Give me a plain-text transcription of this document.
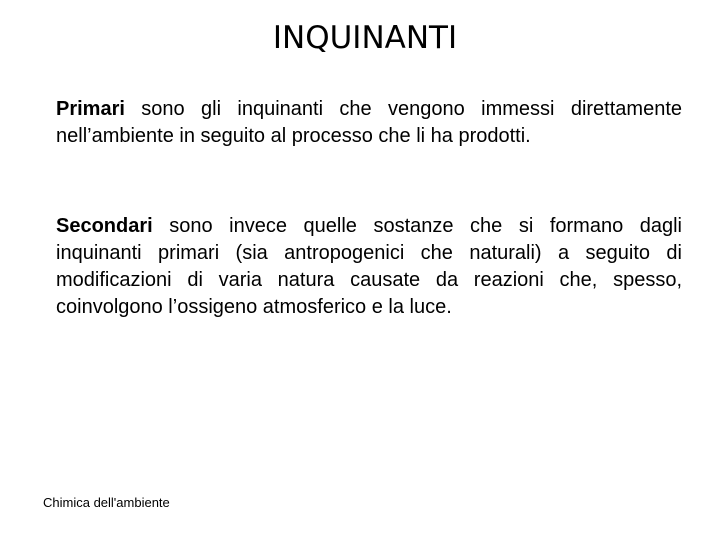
INQUINANTI

Primari sono gli inquinanti che vengono immessi direttamente nell’ambiente in seguito al processo che li ha prodotti.

Secondari sono invece quelle sostanze che si formano dagli inquinanti primari (sia antropogenici che naturali) a seguito di modificazioni di varia natura causate da reazioni che, spesso, coinvolgono l’ossigeno atmosferico e la luce.

Chimica dell'ambiente
